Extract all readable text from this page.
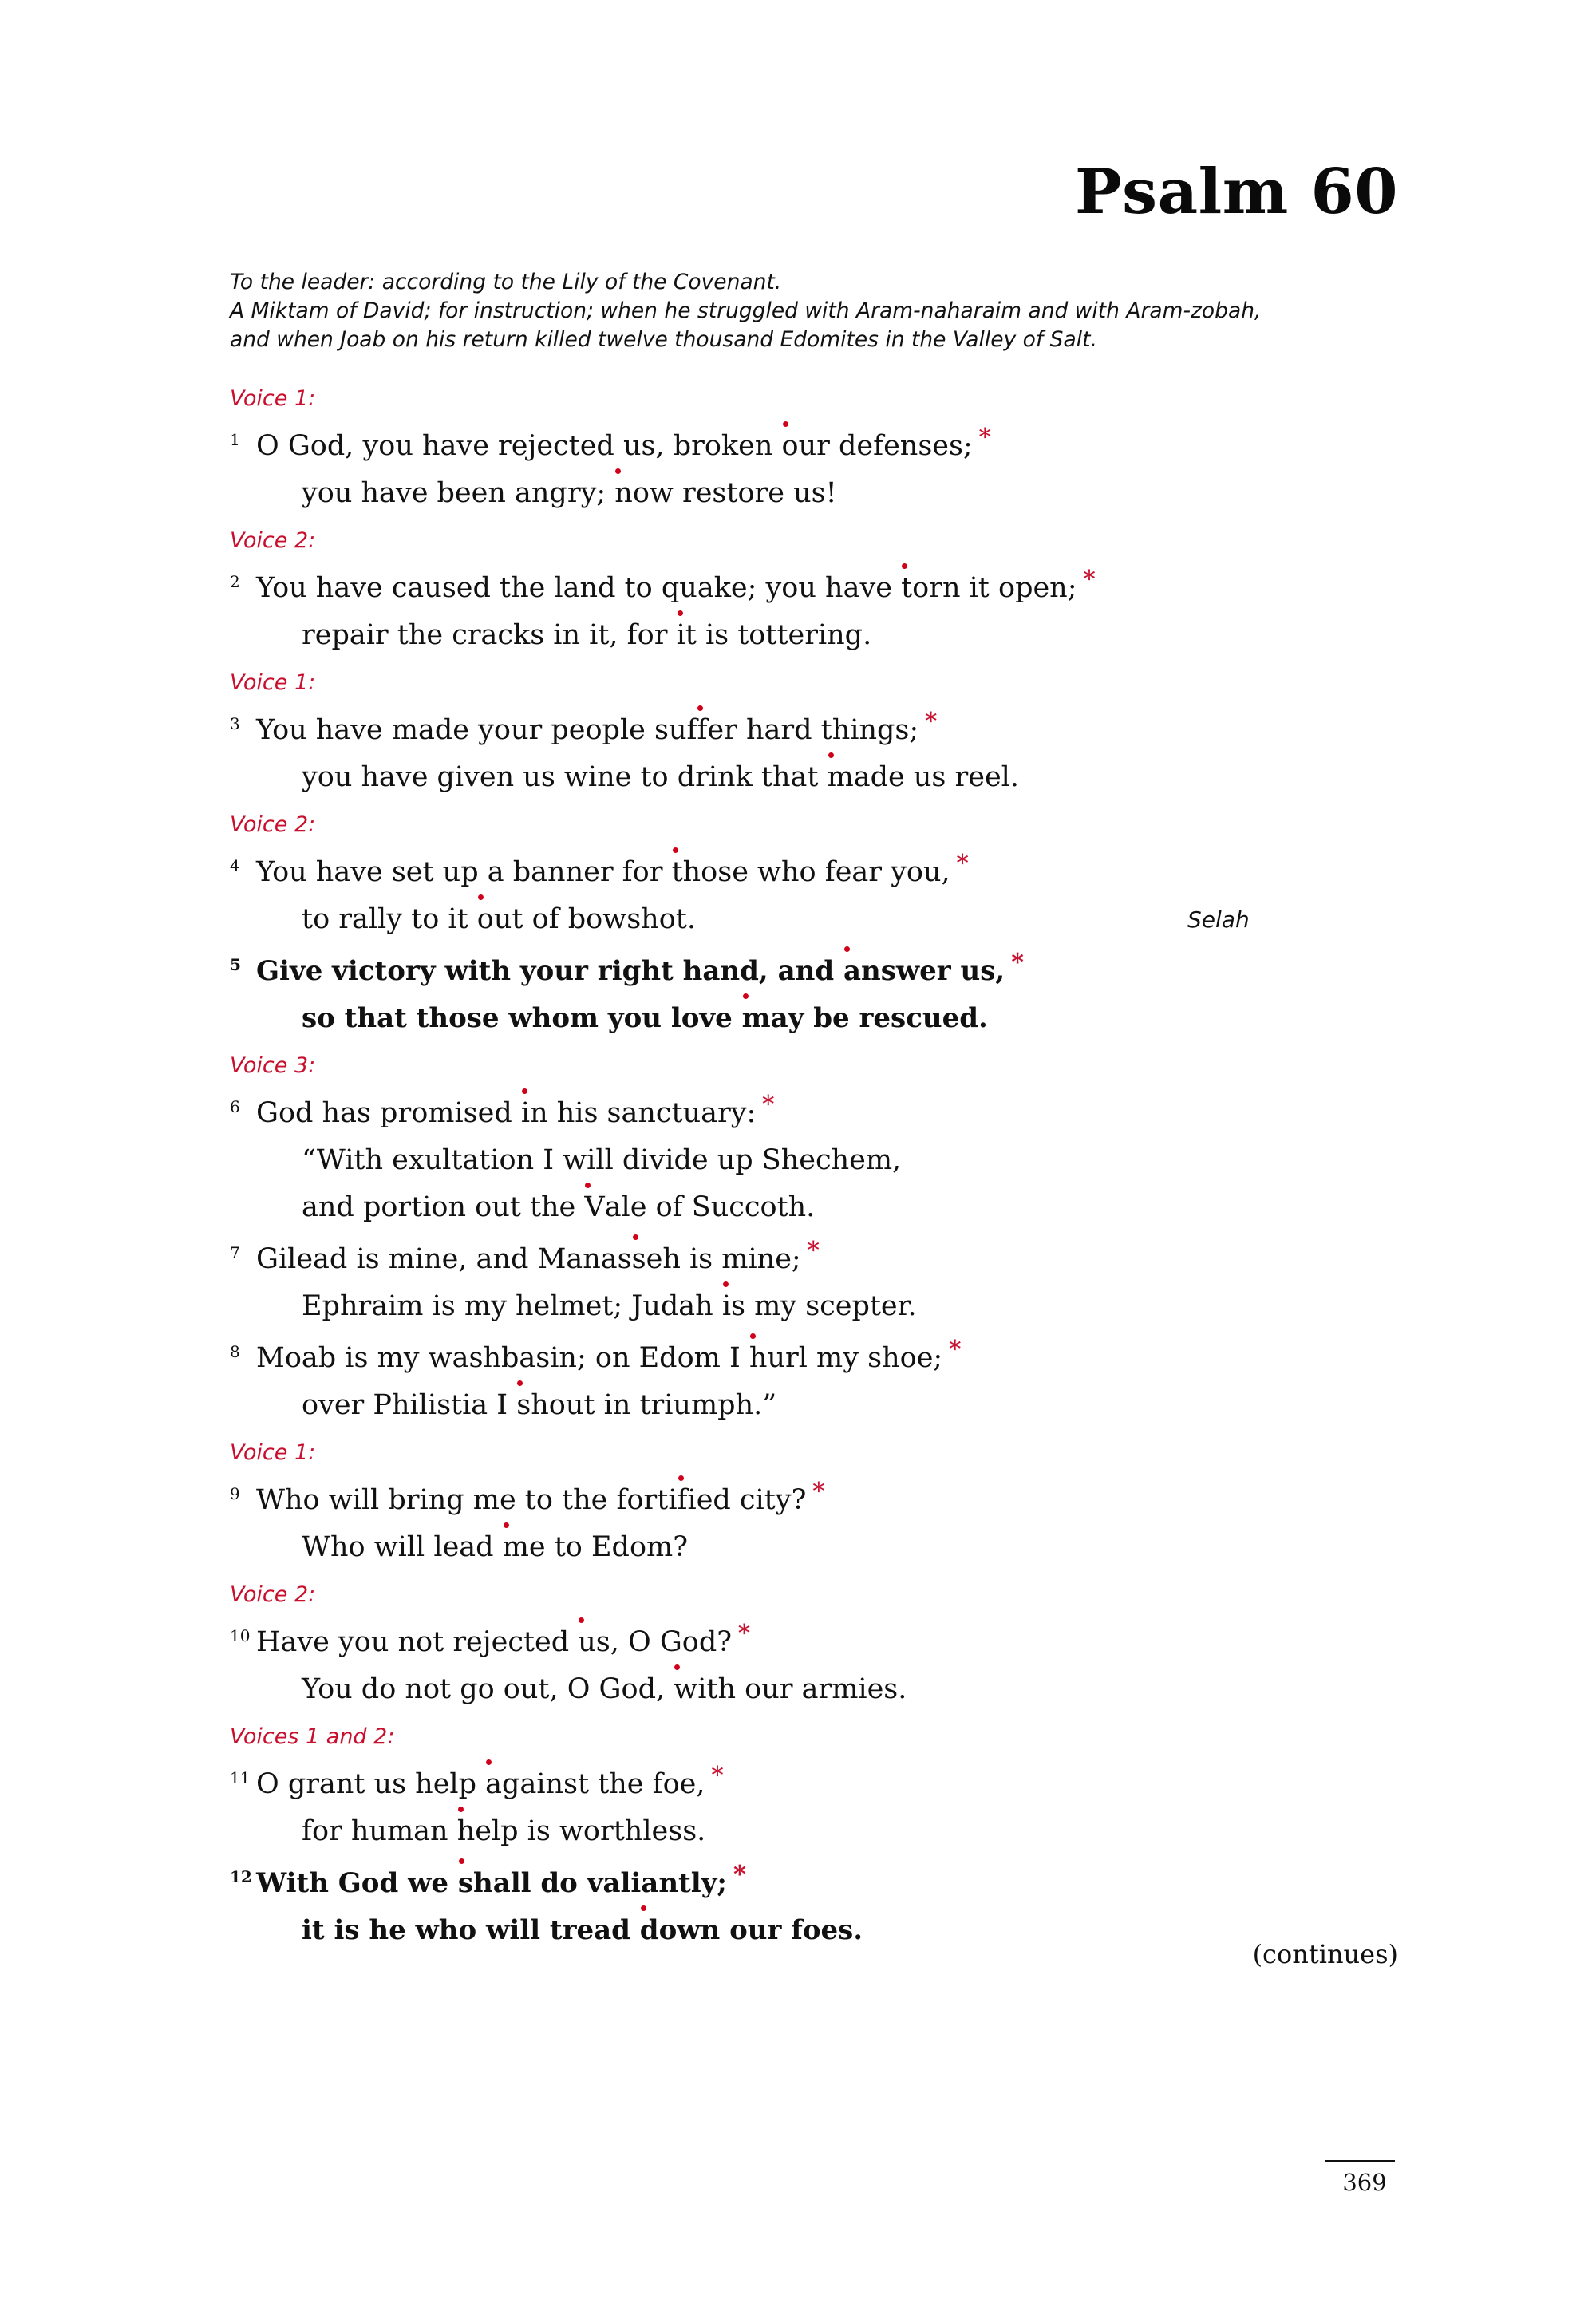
Psalm 60
To the leader: according to the Lily of the Covenant.
A Miktam of David; for instruction; when he struggled with Aram-naharaim and with Aram-zobah,
and when Joab on his return killed twelve thousand Edomites in the Valley of Salt.
Voice 1:
1 O God, you have rejected us, broken our defenses; *
you have been angry; now restore us!
Voice 2:
2 You have caused the land to quake; you have torn it open; *
repair the cracks in it, for it is tottering.
Voice 1:
3 You have made your people suffer hard things; *
you have given us wine to drink that made us reel.
Voice 2:
4 You have set up a banner for those who fear you, *
to rally to it out of bowshot.	Selah
5 Give victory with your right hand, and answer us, *
so that those whom you love may be rescued.
Voice 3:
6 God has promised in his sanctuary: *
“With exultation I will divide up Shechem,
and portion out the Vale of Succoth.
7 Gilead is mine, and Manasseh is mine; *
Ephraim is my helmet; Judah is my scepter.
8 Moab is my washbasin; on Edom I hurl my shoe; *
over Philistia I shout in triumph.”
Voice 1:
9 Who will bring me to the fortified city? *
Who will lead me to Edom?
Voice 2:
10 Have you not rejected us, O God? *
You do not go out, O God, with our armies.
Voices 1 and 2:
11 O grant us help against the foe, *
for human help is worthless.
12 With God we shall do valiantly; *
it is he who will tread down our foes.
(continues)
369
